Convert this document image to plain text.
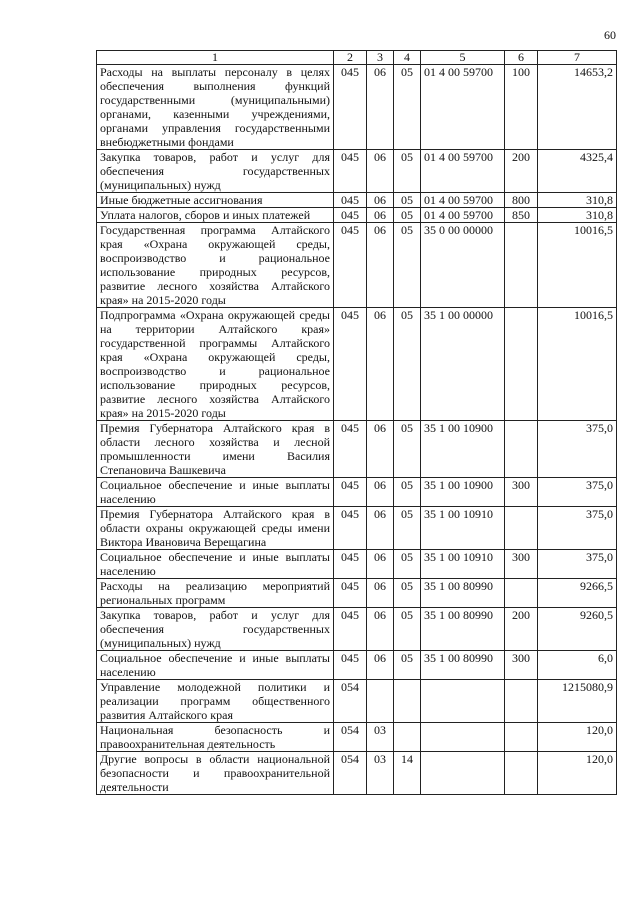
60
1	2	3	4	5	6	7
Расходы на выплаты персоналу в целях обеспечения выполнения функций государственными (муниципальными) органами, казенными учреждениями, органами управления государственными внебюджетными фондами	045	06	05	01 4 00 59700	100	14653,2
Закупка товаров, работ и услуг для обеспечения государственных (муниципальных) нужд	045	06	05	01 4 00 59700	200	4325,4
Иные бюджетные ассигнования	045	06	05	01 4 00 59700	800	310,8
Уплата налогов, сборов и иных платежей	045	06	05	01 4 00 59700	850	310,8
Государственная программа Алтайского края «Охрана окружающей среды, воспроизводство и рациональное использование природных ресурсов, развитие лесного хозяйства Алтайского края» на 2015-2020 годы	045	06	05	35 0 00 00000		10016,5
Подпрограмма «Охрана окружающей среды на территории Алтайского края» государственной программы Алтайского края «Охрана окружающей среды, воспроизводство и рациональное использование природных ресурсов, развитие лесного хозяйства Алтайского края» на 2015-2020 годы	045	06	05	35 1 00 00000		10016,5
Премия Губернатора Алтайского края в области лесного хозяйства и лесной промышленности имени Василия Степановича Вашкевича	045	06	05	35 1 00 10900		375,0
Социальное обеспечение и иные выплаты населению	045	06	05	35 1 00 10900	300	375,0
Премия Губернатора Алтайского края в области охраны окружающей среды имени Виктора Ивановича Верещагина	045	06	05	35 1 00 10910		375,0
Социальное обеспечение и иные выплаты населению	045	06	05	35 1 00 10910	300	375,0
Расходы на реализацию мероприятий региональных программ	045	06	05	35 1 00 80990		9266,5
Закупка товаров, работ и услуг для обеспечения государственных (муниципальных) нужд	045	06	05	35 1 00 80990	200	9260,5
Социальное обеспечение и иные выплаты населению	045	06	05	35 1 00 80990	300	6,0
Управление молодежной политики и реализации программ общественного развития Алтайского края	054					1215080,9
Национальная безопасность и правоохранительная деятельность	054	03				120,0
Другие вопросы в области национальной безопасности и правоохранительной деятельности	054	03	14			120,0
